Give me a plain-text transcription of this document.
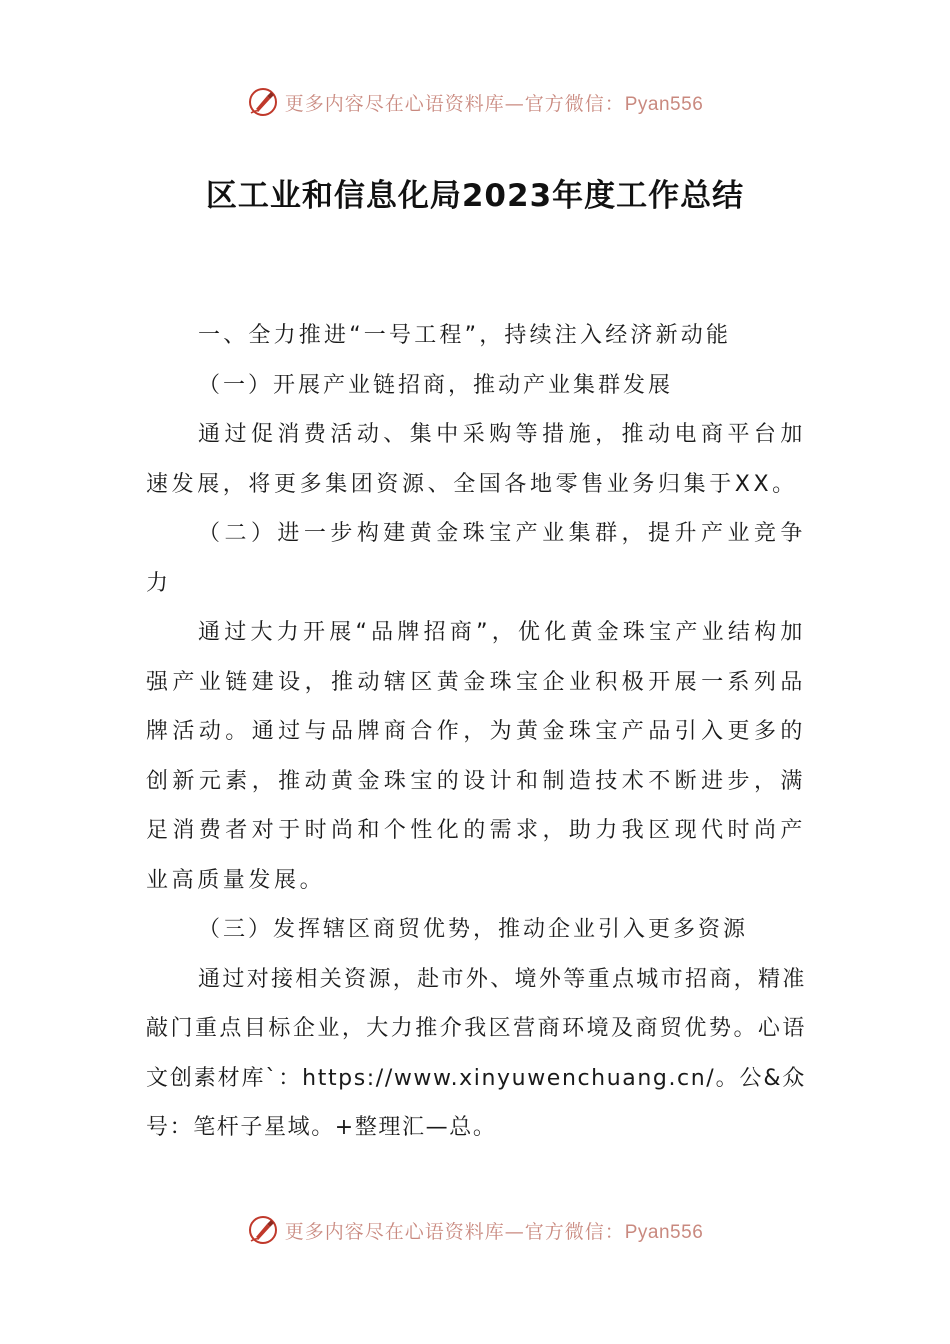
更多内容尽在心语资料库—官方微信：Pyan556
区工业和信息化局2023年度工作总结

一、全力推进“一号工程”，持续注入经济新动能

（一）开展产业链招商，推动产业集群发展

通过促消费活动、集中采购等措施，推动电商平台加速发展，将更多集团资源、全国各地零售业务归集于XX。

（二）进一步构建黄金珠宝产业集群，提升产业竞争力

通过大力开展“品牌招商”，优化黄金珠宝产业结构加强产业链建设，推动辖区黄金珠宝企业积极开展一系列品牌活动。通过与品牌商合作，为黄金珠宝产品引入更多的创新元素，推动黄金珠宝的设计和制造技术不断进步，满足消费者对于时尚和个性化的需求，助力我区现代时尚产业高质量发展。

（三）发挥辖区商贸优势，推动企业引入更多资源

通过对接相关资源，赴市外、境外等重点城市招商，精准敲门重点目标企业，大力推介我区营商环境及商贸优势。心语文创素材库`：https://www.xinyuwenchuang.cn/。公&众号：笔杆子星域。+整理汇—总。

更多内容尽在心语资料库—官方微信：Pyan556
